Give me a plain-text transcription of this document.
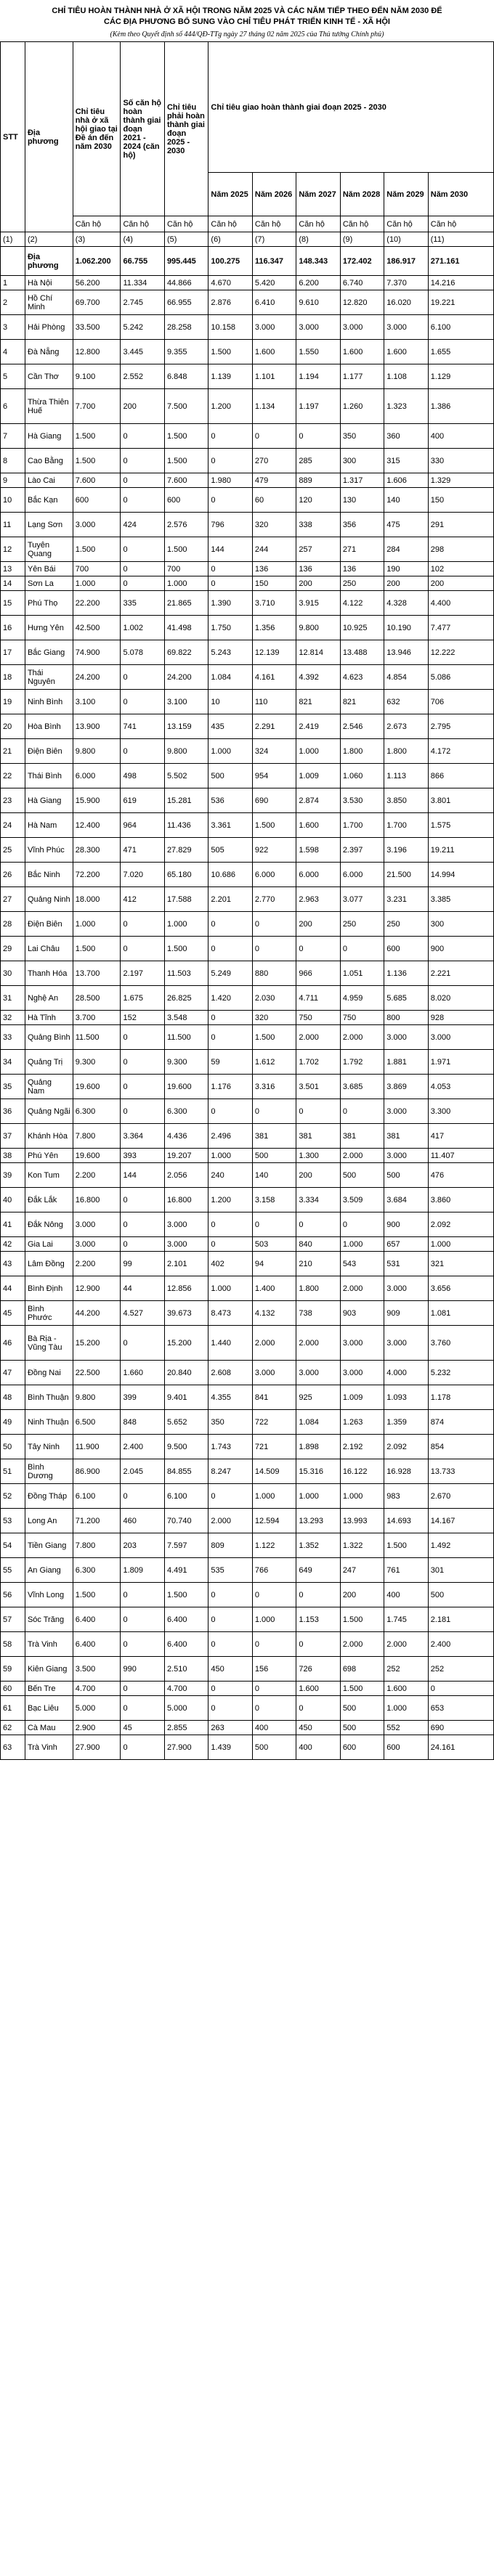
CHỈ TIÊU HOÀN THÀNH NHÀ Ở XÃ HỘI TRONG NĂM 2025 VÀ CÁC NĂM TIẾP THEO ĐẾN NĂM 2030 ĐỂ
CÁC ĐỊA PHƯƠNG BỔ SUNG VÀO CHỈ TIÊU PHÁT TRIỂN KINH TẾ - XÃ HỘI
(Kèm theo Quyết định số 444/QĐ-TTg ngày 27 tháng 02 năm 2025 của Thủ tướng Chính phủ)
STT	Địa phương	Chỉ tiêu nhà ở xã hội giao tại Đề án đến năm 2030	Số căn hộ hoàn thành giai đoạn 2021 - 2024 (căn hộ)	Chỉ tiêu phải hoàn thành giai đoạn 2025 - 2030	Chỉ tiêu giao hoàn thành giai đoạn 2025 - 2030					
					Năm 2025	Năm 2026	Năm 2027	Năm 2028	Năm 2029	Năm 2030
		Căn hộ	Căn hộ	Căn hộ	Căn hộ	Căn hộ	Căn hộ	Căn hộ	Căn hộ	Căn hộ
(1)	(2)	(3)	(4)	(5)	(6)	(7)	(8)	(9)	(10)	(11)
	Địa phương	1.062.200	66.755	995.445	100.275	116.347	148.343	172.402	186.917	271.161
1	Hà Nội	56.200	11.334	44.866	4.670	5.420	6.200	6.740	7.370	14.216
2	Hồ Chí Minh	69.700	2.745	66.955	2.876	6.410	9.610	12.820	16.020	19.221
3	Hải Phòng	33.500	5.242	28.258	10.158	3.000	3.000	3.000	3.000	6.100
4	Đà Nẵng	12.800	3.445	9.355	1.500	1.600	1.550	1.600	1.600	1.655
5	Cần Thơ	9.100	2.552	6.848	1.139	1.101	1.194	1.177	1.108	1.129
6	Thừa Thiên Huế	7.700	200	7.500	1.200	1.134	1.197	1.260	1.323	1.386
7	Hà Giang	1.500	0	1.500	0	0	0	350	360	400
8	Cao Bằng	1.500	0	1.500	0	270	285	300	315	330
9	Lào Cai	7.600	0	7.600	1.980	479	889	1.317	1.606	1.329
10	Bắc Kạn	600	0	600	0	60	120	130	140	150
11	Lạng Sơn	3.000	424	2.576	796	320	338	356	475	291
12	Tuyên Quang	1.500	0	1.500	144	244	257	271	284	298
13	Yên Bái	700	0	700	0	136	136	136	190	102
14	Sơn La	1.000	0	1.000	0	150	200	250	200	200
15	Phú Thọ	22.200	335	21.865	1.390	3.710	3.915	4.122	4.328	4.400
16	Hưng Yên	42.500	1.002	41.498	1.750	1.356	9.800	10.925	10.190	7.477
17	Bắc Giang	74.900	5.078	69.822	5.243	12.139	12.814	13.488	13.946	12.222
18	Thái Nguyên	24.200	0	24.200	1.084	4.161	4.392	4.623	4.854	5.086
19	Ninh Bình	3.100	0	3.100	10	110	821	821	632	706
20	Hòa Bình	13.900	741	13.159	435	2.291	2.419	2.546	2.673	2.795
21	Điện Biên	9.800	0	9.800	1.000	324	1.000	1.800	1.800	4.172
22	Thái Bình	6.000	498	5.502	500	954	1.009	1.060	1.113	866
23	Hà Giang	15.900	619	15.281	536	690	2.874	3.530	3.850	3.801
24	Hà Nam	12.400	964	11.436	3.361	1.500	1.600	1.700	1.700	1.575
25	Vĩnh Phúc	28.300	471	27.829	505	922	1.598	2.397	3.196	19.211
26	Bắc Ninh	72.200	7.020	65.180	10.686	6.000	6.000	6.000	21.500	14.994
27	Quảng Ninh	18.000	412	17.588	2.201	2.770	2.963	3.077	3.231	3.385
28	Điện Biên	1.000	0	1.000	0	0	200	250	250	300
29	Lai Châu	1.500	0	1.500	0	0	0	0	600	900
30	Thanh Hóa	13.700	2.197	11.503	5.249	880	966	1.051	1.136	2.221
31	Nghệ An	28.500	1.675	26.825	1.420	2.030	4.711	4.959	5.685	8.020
32	Hà Tĩnh	3.700	152	3.548	0	320	750	750	800	928
33	Quảng Bình	11.500	0	11.500	0	1.500	2.000	2.000	3.000	3.000
34	Quảng Trị	9.300	0	9.300	59	1.612	1.702	1.792	1.881	1.971
35	Quảng Nam	19.600	0	19.600	1.176	3.316	3.501	3.685	3.869	4.053
36	Quảng Ngãi	6.300	0	6.300	0	0	0	0	3.000	3.300
37	Khánh Hòa	7.800	3.364	4.436	2.496	381	381	381	381	417
38	Phú Yên	19.600	393	19.207	1.000	500	1.300	2.000	3.000	11.407
39	Kon Tum	2.200	144	2.056	240	140	200	500	500	476
40	Đắk Lắk	16.800	0	16.800	1.200	3.158	3.334	3.509	3.684	3.860
41	Đắk Nông	3.000	0	3.000	0	0	0	0	900	2.092
42	Gia Lai	3.000	0	3.000	0	503	840	1.000	657	1.000
43	Lâm Đồng	2.200	99	2.101	402	94	210	543	531	321
44	Bình Định	12.900	44	12.856	1.000	1.400	1.800	2.000	3.000	3.656
45	Bình Phước	44.200	4.527	39.673	8.473	4.132	738	903	909	1.081
46	Bà Rịa - Vũng Tàu	15.200	0	15.200	1.440	2.000	2.000	3.000	3.000	3.760
47	Đồng Nai	22.500	1.660	20.840	2.608	3.000	3.000	3.000	4.000	5.232
48	Bình Thuận	9.800	399	9.401	4.355	841	925	1.009	1.093	1.178
49	Ninh Thuận	6.500	848	5.652	350	722	1.084	1.263	1.359	874
50	Tây Ninh	11.900	2.400	9.500	1.743	721	1.898	2.192	2.092	854
51	Bình Dương	86.900	2.045	84.855	8.247	14.509	15.316	16.122	16.928	13.733
52	Đồng Tháp	6.100	0	6.100	0	1.000	1.000	1.000	983	2.670
53	Long An	71.200	460	70.740	2.000	12.594	13.293	13.993	14.693	14.167
54	Tiền Giang	7.800	203	7.597	809	1.122	1.352	1.322	1.500	1.492
55	An Giang	6.300	1.809	4.491	535	766	649	247	761	301
56	Vĩnh Long	1.500	0	1.500	0	0	0	200	400	500
57	Sóc Trăng	6.400	0	6.400	0	1.000	1.153	1.500	1.745	2.181
58	Trà Vinh	6.400	0	6.400	0	0	0	2.000	2.000	2.400
59	Kiên Giang	3.500	990	2.510	450	156	726	698	252	252
60	Bến Tre	4.700	0	4.700	0	0	1.600	1.500	1.600	0
61	Bạc Liêu	5.000	0	5.000	0	0	0	500	1.000	653
62	Cà Mau	2.900	45	2.855	263	400	450	500	552	690
63	Trà Vinh	27.900	0	27.900	1.439	500	400	600	600	24.161
